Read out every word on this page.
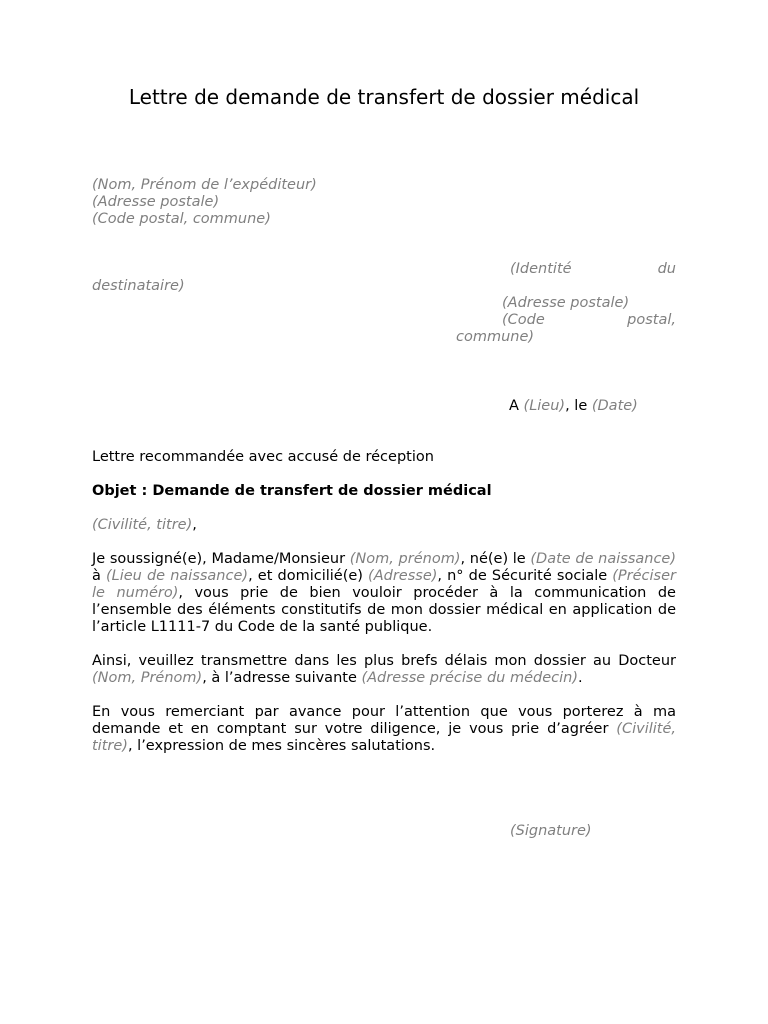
Lettre de demande de transfert de dossier médical
(Nom, Prénom de l’expéditeur)
(Adresse postale)
(Code postal, commune)
(Identité	du
destinataire)
(Adresse postale)
(Code	postal,
commune)
A (Lieu), le (Date)
Lettre recommandée avec accusé de réception
Objet : Demande de transfert de dossier médical
(Civilité, titre),

Je soussigné(e), Madame/Monsieur (Nom, prénom), né(e) le (Date de naissance) à (Lieu de naissance), et domicilié(e) (Adresse), n° de Sécurité sociale (Préciser le numéro), vous prie de bien vouloir procéder à la communication de l’ensemble des éléments constitutifs de mon dossier médical en application de l’article L1111-7 du Code de la santé publique.

Ainsi, veuillez transmettre dans les plus brefs délais mon dossier au Docteur (Nom, Prénom), à l’adresse suivante (Adresse précise du médecin).

En vous remerciant par avance pour l’attention que vous porterez à ma demande et en comptant sur votre diligence, je vous prie d’agréer (Civilité, titre), l’expression de mes sincères salutations.

(Signature)
